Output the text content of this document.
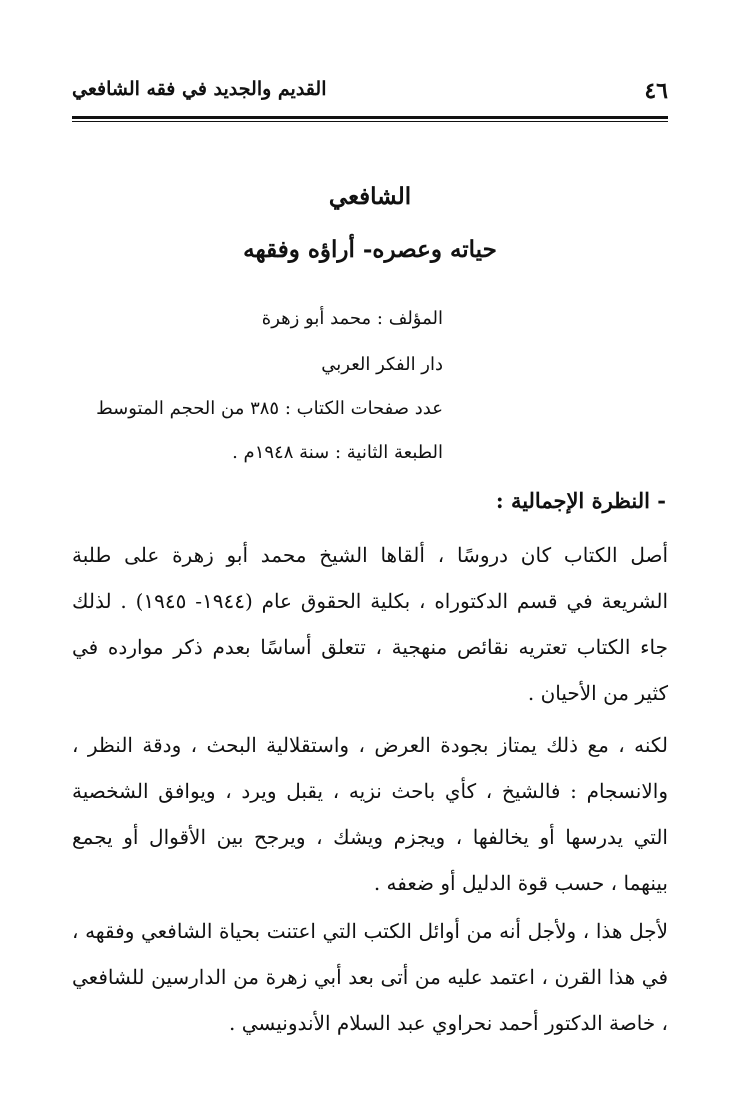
٤٦
القديم والجديد في فقه الشافعي
الشافعي
حياته وعصره- أراؤه وفقهه
المؤلف : محمد أبو زهرة
دار الفكر العربي
عدد صفحات الكتاب : ٣٨٥ من الحجم المتوسط
الطبعة الثانية : سنة ١٩٤٨م .
- النظرة الإجمالية :

أصل الكتاب كان دروسًا ، ألقاها الشيخ محمد أبو زهرة على طلبة الشريعة في قسم الدكتوراه ، بكلية الحقوق عام (١٩٤٤- ١٩٤٥) . لذلك جاء الكتاب تعتريه نقائص منهجية ، تتعلق أساسًا بعدم ذكر موارده في كثير من الأحيان .

لكنه ، مع ذلك يمتاز بجودة العرض ، واستقلالية البحث ، ودقة النظر ، والانسجام : فالشيخ ، كأي باحث نزيه ، يقبل ويرد ، ويوافق الشخصية التي يدرسها أو يخالفها ، ويجزم ويشك ، ويرجح بين الأقوال أو يجمع بينهما ، حسب قوة الدليل أو ضعفه .

لأجل هذا ، ولأجل أنه من أوائل الكتب التي اعتنت بحياة الشافعي وفقهه ، في هذا القرن ، اعتمد عليه من أتى بعد أبي زهرة من الدارسين للشافعي ، خاصة الدكتور أحمد نحراوي عبد السلام الأندونيسي .
